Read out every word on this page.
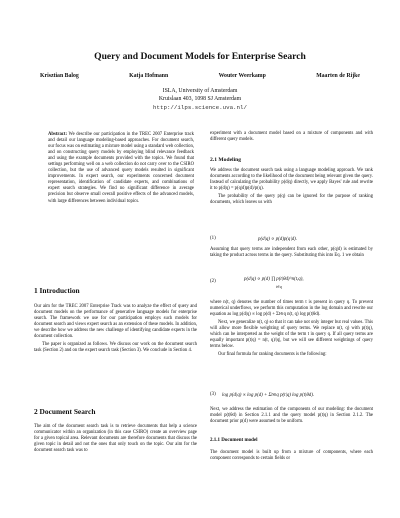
Query and Document Models for Enterprise Search
Krisztian Balog	Katja Hofmann	Wouter Weerkamp	Maarten de Rijke
ISLA, University of Amsterdam
Kruislaan 403, 1098 SJ Amsterdam
http://ilps.science.uva.nl/
Abstract: We describe our participation in the TREC 2007 Enterprise track and detail our language modeling-based approaches. For document search, our focus was on estimating a mixture model using a standard web collection, and on constructing query models by employing blind relevance feedback and using the example documents provided with the topics. We found that settings performing well on a web collection do not carry over to the CSIRO collection, but the use of advanced query models resulted in significant improvements. In expert search, our experiments concerned document representation, identification of candidate experts, and combinations of expert search strategies. We find no significant difference in average precision but observe small overall positive effects of the advanced models, with large differences between individual topics.
1 Introduction

Our aim for the TREC 2007 Enterprise Track was to analyze the effect of query and document models on the performance of generative language models for enterprise search. The framework we use for our participation employs such models for document search and views expert search as an extension of these models. In addition, we describe how we address the new challenge of identifying candidate experts in the document collection.

The paper is organized as follows. We discuss our work on the document search task (Section 2) and on the expert search task (Section 3). We conclude in Section 4.

2 Document Search

The aim of the document search task is to retrieve documents that help a science communicator within an organization (in this case CSIRO) create an overview page for a given topical area. Relevant documents are therefore documents that discuss the given topic in detail and not the ones that only touch on the topic. Our aim for the document search task was to

experiment with a document model based on a mixture of components and with different query models.

2.1 Modeling

We address the document search task using a language modeling approach. We rank documents according to the likelihood of the document being relevant given the query. Instead of calculating the probability p(d|q) directly, we apply Bayes' rule and rewrite it to p(d|q) = p(q|d)p(d)/p(q).

The probability of the query p(q) can be ignored for the purpose of ranking documents, which leaves us with

(1)	p(d|q) ∝ p(d)p(q|d).

Assuming that query terms are independent from each other, p(q|d) is estimated by taking the product across terms in the query. Substituting this into Eq. 1 we obtain

(2)	p(d|q) ∝ p(d) ∏ p(t|θd)^n(t,q),
t∈q

where n(t, q) denotes the number of times term t is present in query q. To prevent numerical underflows, we perform this computation in the log domain and rewrite our equation as log p(d|q) ∝ log p(d) + Σt∈q n(t, q) log p(t|θd).

Next, we generalize n(t, q) so that it can take not only integer but real values. This will allow more flexible weighting of query terms. We replace n(t, q) with p(t|q), which can be interpreted as the weight of the term t in query q. If all query terms are equally important p(t|q) = n(t, q)/|q|, but we will see different weightings of query terms below.

Our final formula for ranking documents is the following:

(3) log p(d|q) ∝ log p(d) + Σt∈q p(t|q) log p(t|θd).

Next, we address the estimation of the components of our modeling: the document model p(t|θd) in Section 2.1.1 and the query model p(t|q) in Section 2.1.2. The document prior p(d) were assumed to be uniform.

2.1.1 Document model

The document model is built up from a mixture of components, where each component corresponds to certain fields or
